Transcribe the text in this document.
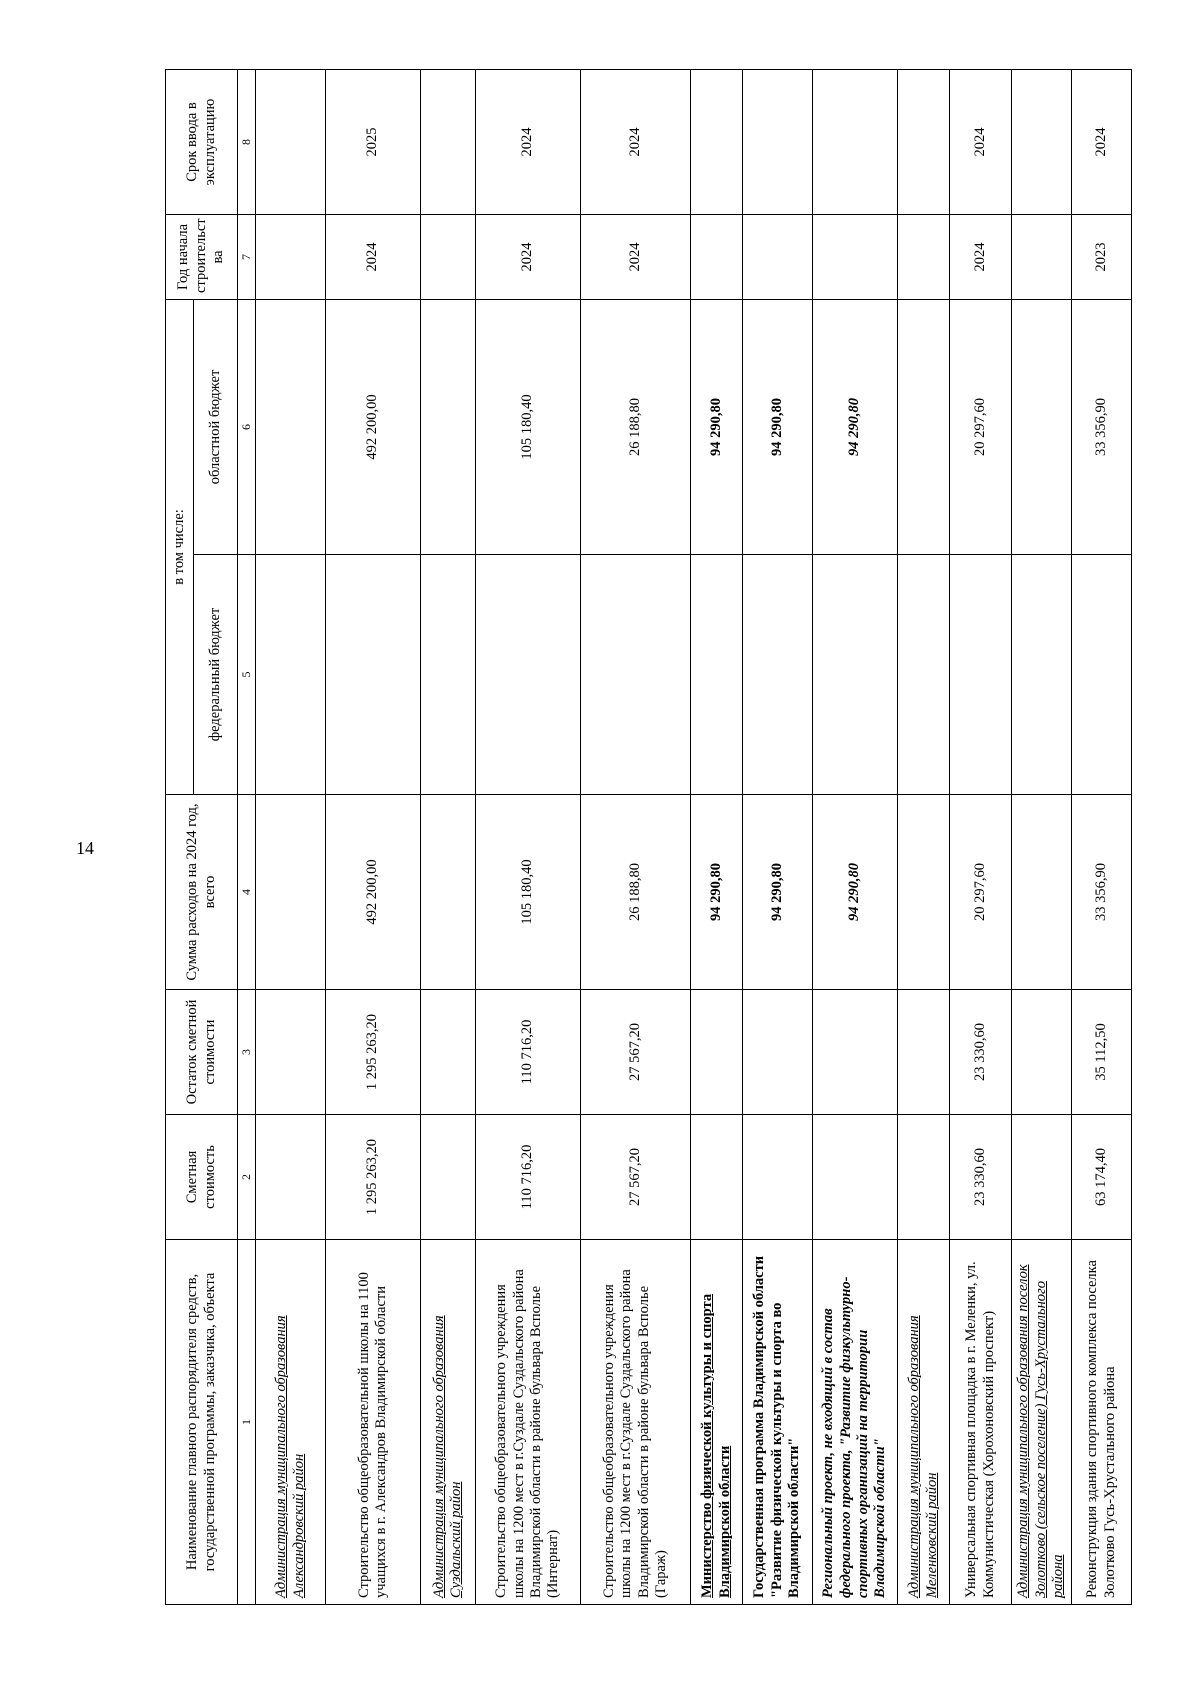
14
Наименование главного распорядителя средств, государственной программы, заказчика, объекта	Сметная стоимость	Остаток сметной стоимости	Сумма расходов на 2024 год, всего	в том числе:		Год начала строительст ва	Срок ввода в эксплуатацию
				федеральный бюджет	областной бюджет		
1	2	3	4	5	6	7	8
Администрация муниципального образования Александровский район							
Строительство общеобразовательной школы на 1100 учащихся в г. Александров Владимирской области	1 295 263,20	1 295 263,20	492 200,00		492 200,00	2024	2025
Администрация муниципального образования Суздальский район							
Строительство общеобразовательного учреждения школы на 1200 мест в г.Суздале Суздальского района Владимирской области в районе бульвара Всполье (Интернат)	110 716,20	110 716,20	105 180,40		105 180,40	2024	2024
Строительство общеобразовательного учреждения школы на 1200 мест в г.Суздале Суздальского района Владимирской области в районе бульвара Всполье (Гараж)	27 567,20	27 567,20	26 188,80		26 188,80	2024	2024
Министерство физической культуры и спорта Владимирской области			94 290,80		94 290,80		
Государственная программа Владимирской области "Развитие физической культуры и спорта во Владимирской области"			94 290,80		94 290,80		
Региональный проект, не входящий в состав федерального проекта, "Развитие физкультурно-спортивных организаций на территории Владимирской области"			94 290,80		94 290,80		
Администрация муниципального образования Меленковский район							
Универсальная спортивная площадка в г. Меленки, ул. Коммунистическая (Хорохоновский проспект)	23 330,60	23 330,60	20 297,60		20 297,60	2024	2024
Администрация муниципального образования поселок Золотково (сельское поселение) Гусь-Хрустального района							
Реконструкция здания спортивного комплекса поселка Золотково Гусь-Хрустального района	63 174,40	35 112,50	33 356,90		33 356,90	2023	2024
